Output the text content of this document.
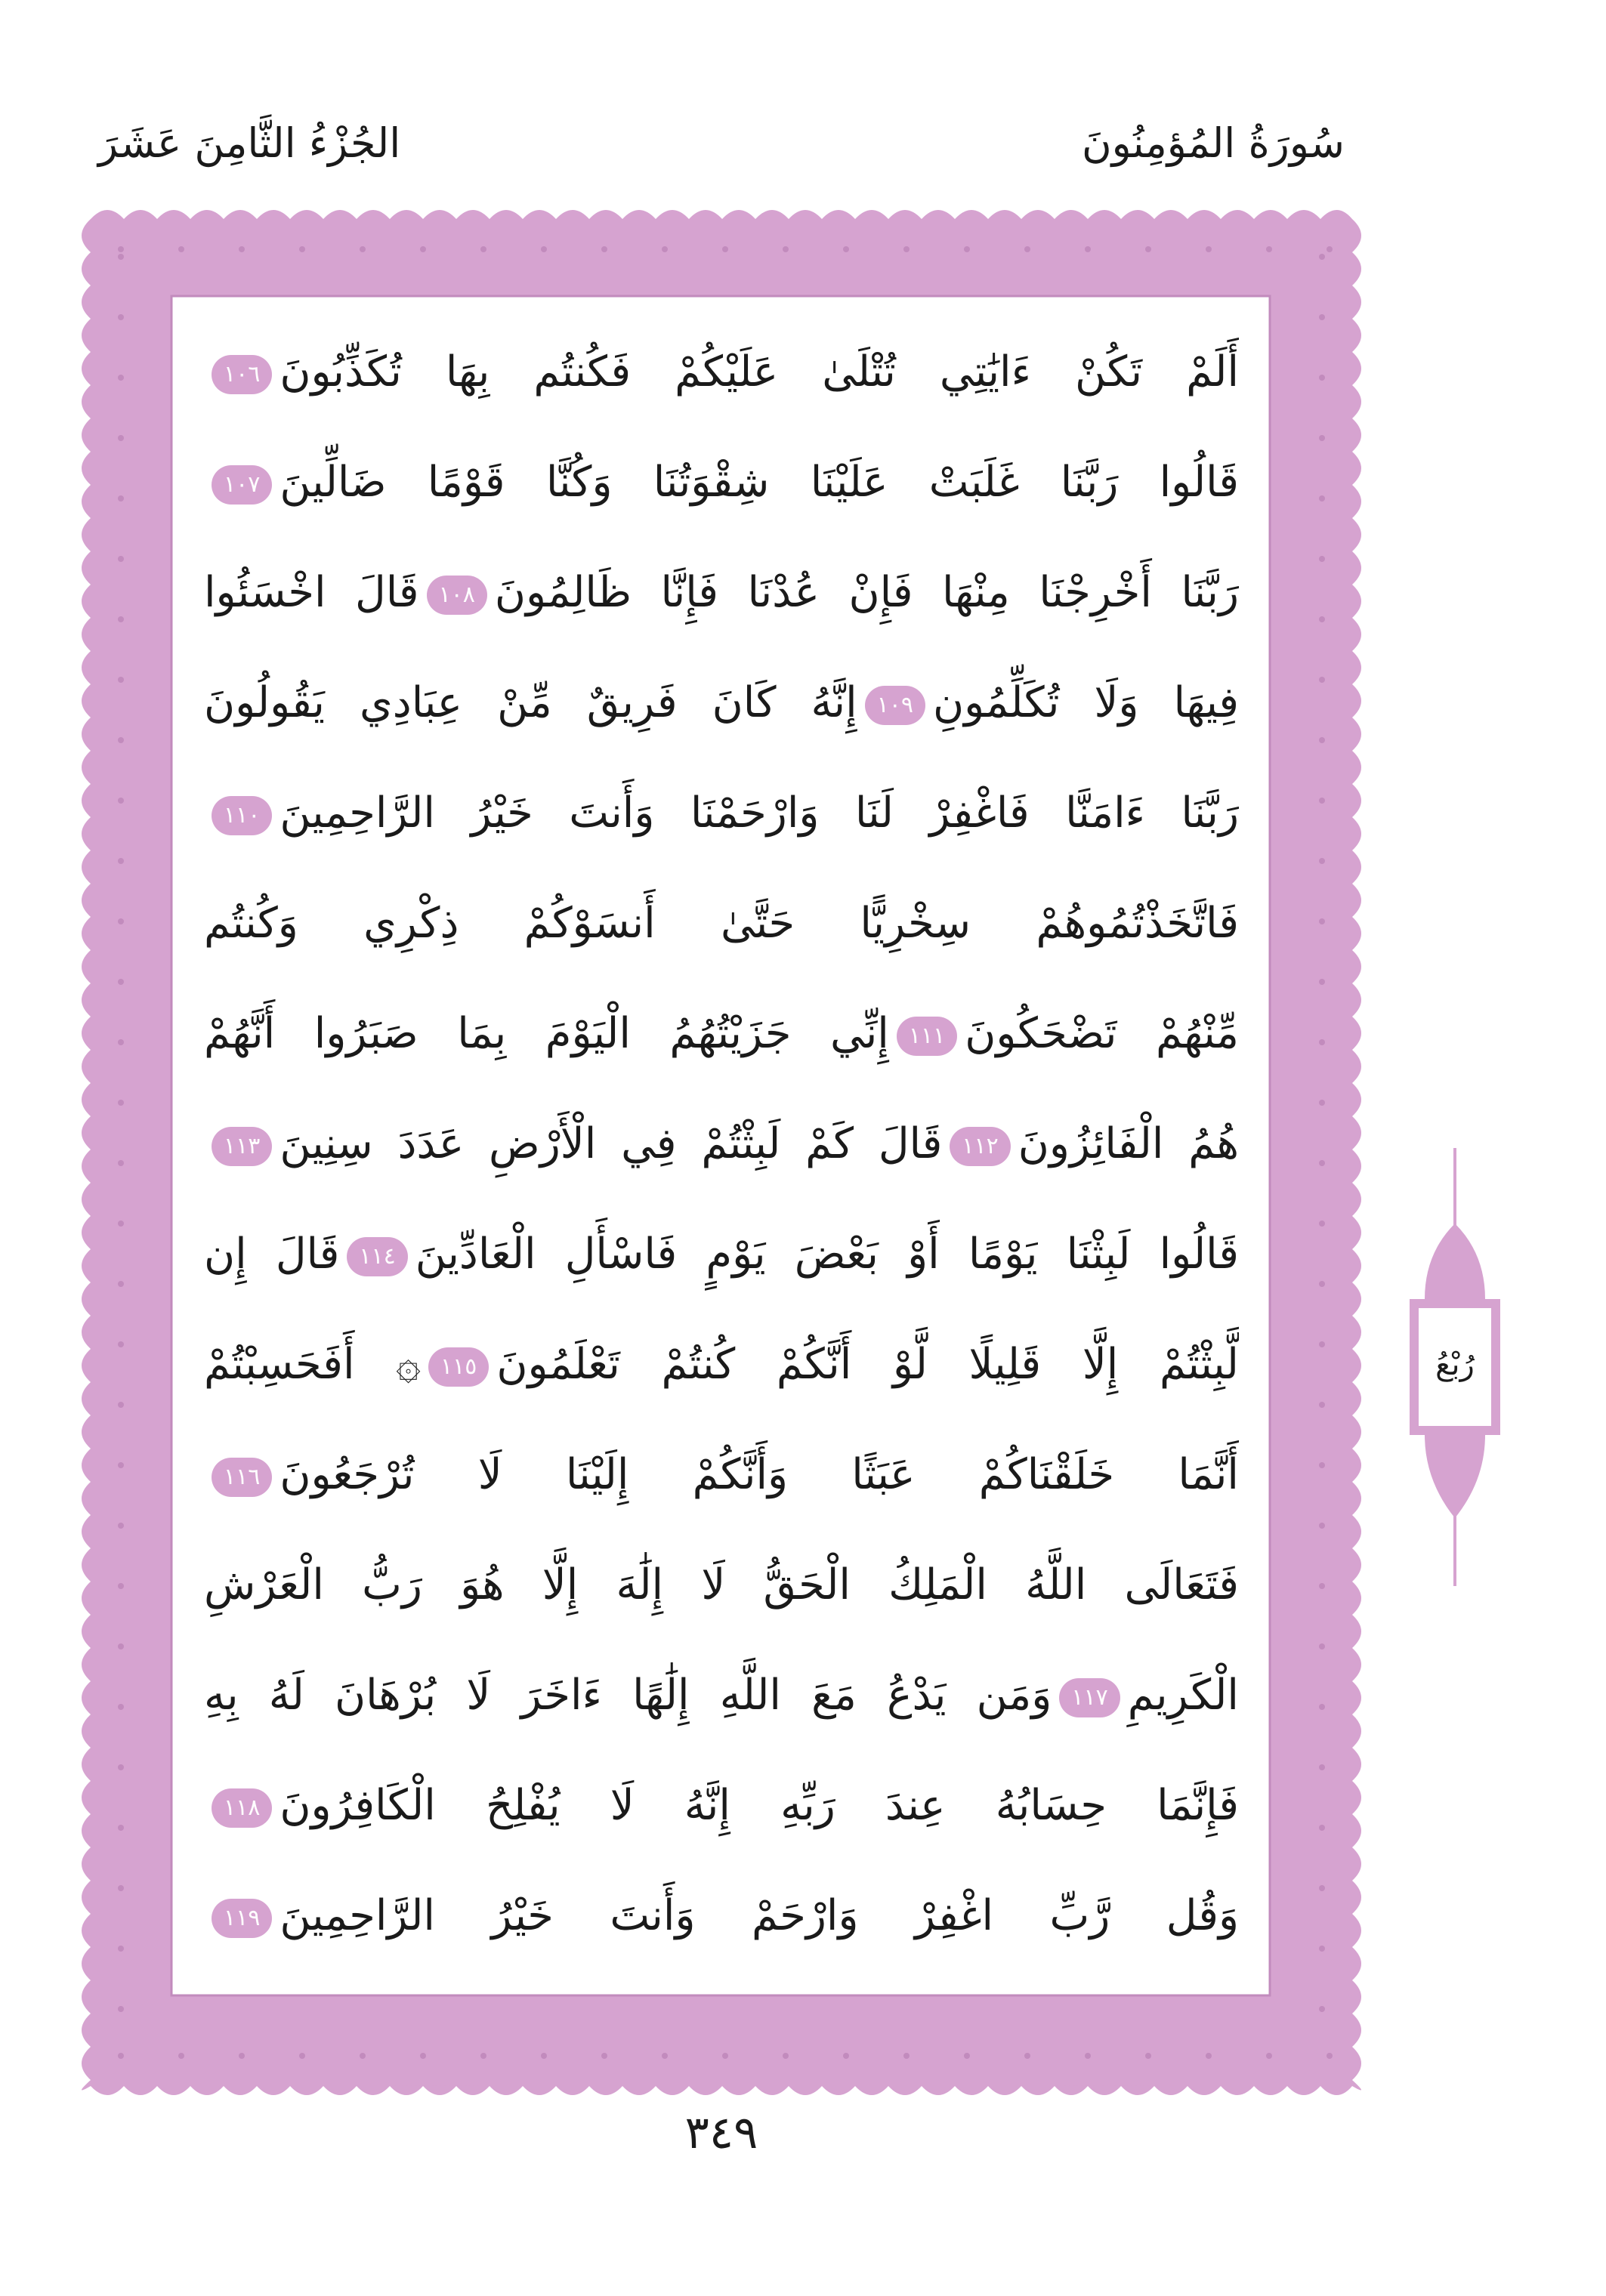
الجُزْءُ الثَّامِنَ عَشَرَ	سُورَةُ المُؤمِنُونَ
أَلَمْ تَكُنْ ءَايَٰتِي تُتْلَىٰ عَلَيْكُمْ فَكُنتُم بِهَا تُكَذِّبُونَ١٠٦
قَالُوا رَبَّنَا غَلَبَتْ عَلَيْنَا شِقْوَتُنَا وَكُنَّا قَوْمًا ضَالِّينَ١٠٧
رَبَّنَا أَخْرِجْنَا مِنْهَا فَإِنْ عُدْنَا فَإِنَّا ظَالِمُونَ١٠٨قَالَ اخْسَئُوا
فِيهَا وَلَا تُكَلِّمُونِ١٠٩إِنَّهُ كَانَ فَرِيقٌ مِّنْ عِبَادِي يَقُولُونَ
رَبَّنَا ءَامَنَّا فَاغْفِرْ لَنَا وَارْحَمْنَا وَأَنتَ خَيْرُ الرَّاحِمِينَ١١٠
فَاتَّخَذْتُمُوهُمْ سِخْرِيًّا حَتَّىٰ أَنسَوْكُمْ ذِكْرِي وَكُنتُم
مِّنْهُمْ تَضْحَكُونَ١١١إِنِّي جَزَيْتُهُمُ الْيَوْمَ بِمَا صَبَرُوا أَنَّهُمْ
هُمُ الْفَائِزُونَ١١٢قَالَ كَمْ لَبِثْتُمْ فِي الْأَرْضِ عَدَدَ سِنِينَ١١٣
قَالُوا لَبِثْنَا يَوْمًا أَوْ بَعْضَ يَوْمٍ فَاسْأَلِ الْعَادِّينَ١١٤قَالَ إِن
لَّبِثْتُمْ إِلَّا قَلِيلًا لَّوْ أَنَّكُمْ كُنتُمْ تَعْلَمُونَ١١٥۞ أَفَحَسِبْتُمْ
أَنَّمَا خَلَقْنَاكُمْ عَبَثًا وَأَنَّكُمْ إِلَيْنَا لَا تُرْجَعُونَ١١٦
فَتَعَالَى اللَّهُ الْمَلِكُ الْحَقُّ لَا إِلَٰهَ إِلَّا هُوَ رَبُّ الْعَرْشِ
الْكَرِيمِ١١٧وَمَن يَدْعُ مَعَ اللَّهِ إِلَٰهًا ءَاخَرَ لَا بُرْهَانَ لَهُ بِهِ
فَإِنَّمَا حِسَابُهُ عِندَ رَبِّهِ إِنَّهُ لَا يُفْلِحُ الْكَافِرُونَ١١٨
وَقُل رَّبِّ اغْفِرْ وَارْحَمْ وَأَنتَ خَيْرُ الرَّاحِمِينَ١١٩
رُبْعُ
٣٤٩
